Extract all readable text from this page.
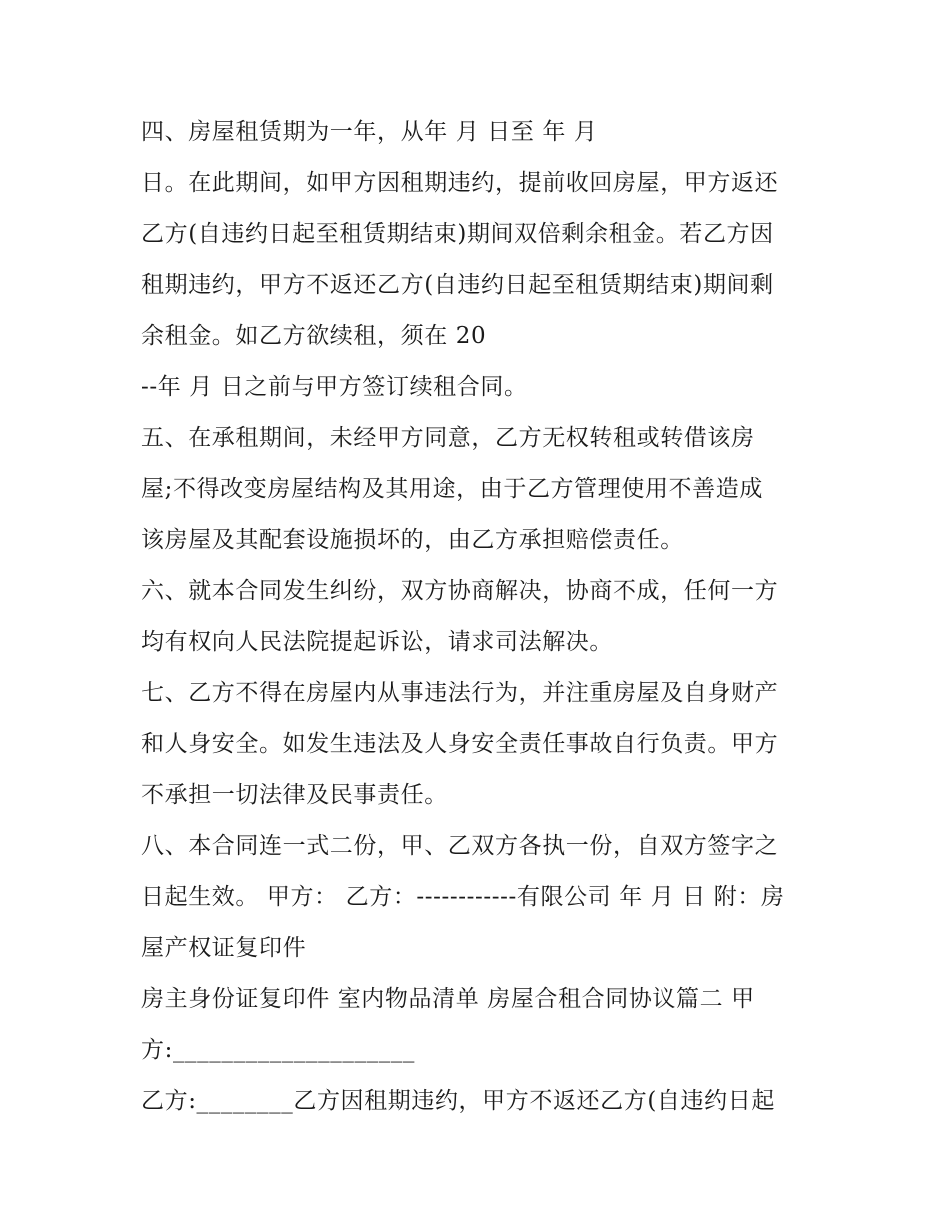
四、房屋租赁期为一年，从年 月 日至 年 月
日。在此期间，如甲方因租期违约，提前收回房屋，甲方返还
乙方(自违约日起至租赁期结束)期间双倍剩余租金。若乙方因
租期违约，甲方不返还乙方(自违约日起至租赁期结束)期间剩
余租金。如乙方欲续租，须在 20
--年 月 日之前与甲方签订续租合同。
五、在承租期间，未经甲方同意，乙方无权转租或转借该房
屋;不得改变房屋结构及其用途，由于乙方管理使用不善造成
该房屋及其配套设施损坏的，由乙方承担赔偿责任。
六、就本合同发生纠纷，双方协商解决，协商不成，任何一方
均有权向人民法院提起诉讼，请求司法解决。
七、乙方不得在房屋内从事违法行为，并注重房屋及自身财产
和人身安全。如发生违法及人身安全责任事故自行负责。甲方
不承担一切法律及民事责任。
八、本合同连一式二份，甲、乙双方各执一份，自双方签字之
日起生效。 甲方： 乙方：------------有限公司 年 月 日 附：房
屋产权证复印件
房主身份证复印件 室内物品清单 房屋合租合同协议篇二 甲
方:____________________
乙方:________乙方因租期违约，甲方不返还乙方(自违约日起
